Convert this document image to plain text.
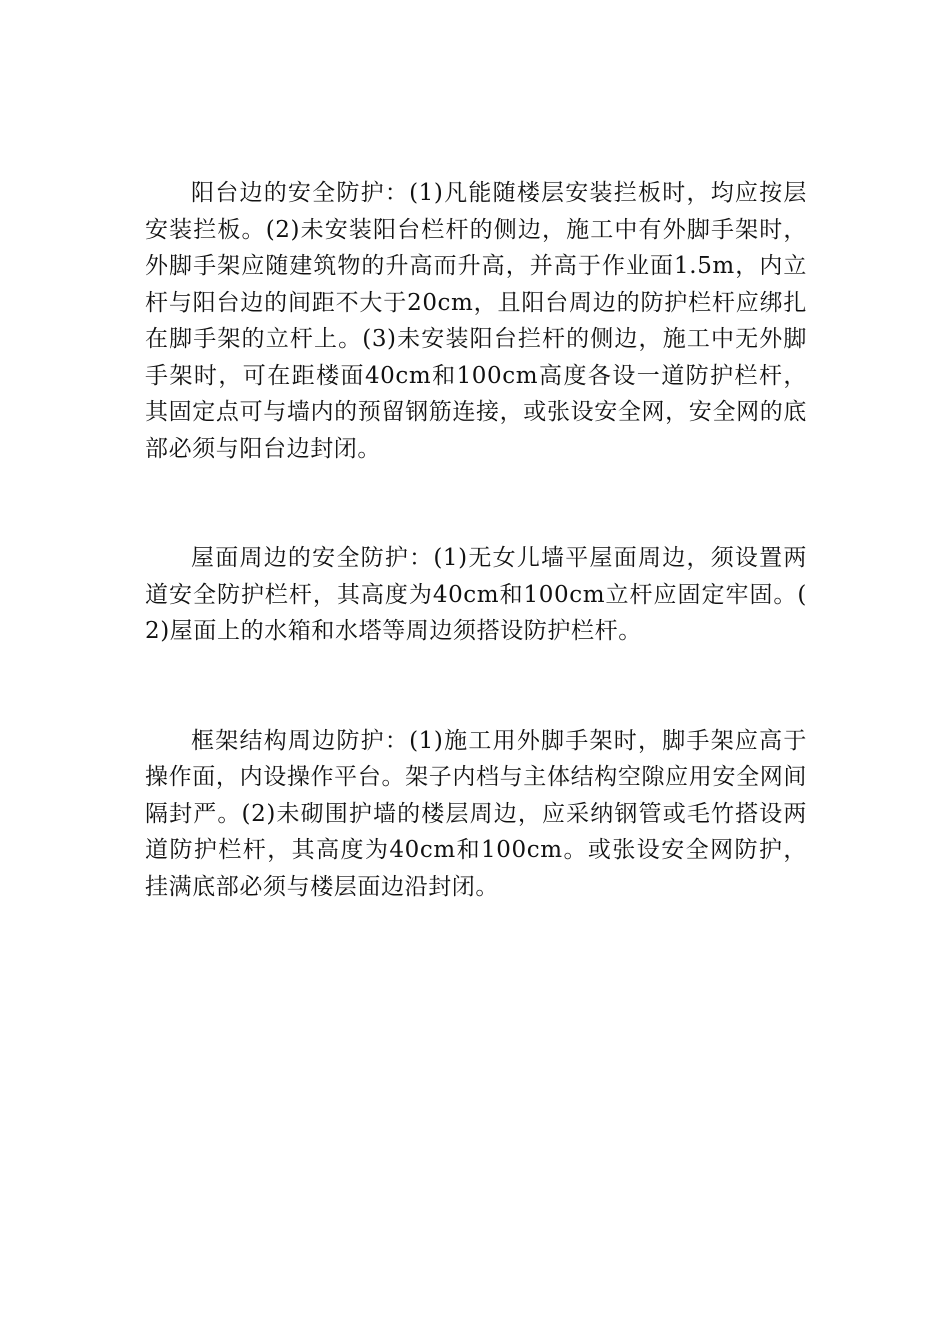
阳台边的安全防护：(1)凡能随楼层安装拦板时，均应按层安装拦板。(2)未安装阳台栏杆的侧边，施工中有外脚手架时，外脚手架应随建筑物的升高而升高，并高于作业面1.5m，内立杆与阳台边的间距不大于20cm，且阳台周边的防护栏杆应绑扎在脚手架的立杆上。(3)未安装阳台拦杆的侧边，施工中无外脚手架时，可在距楼面40cm和100cm高度各设一道防护栏杆，其固定点可与墙内的预留钢筋连接，或张设安全网，安全网的底部必须与阳台边封闭。

屋面周边的安全防护：(1)无女儿墙平屋面周边，须设置两道安全防护栏杆，其高度为40cm和100cm立杆应固定牢固。(2)屋面上的水箱和水塔等周边须搭设防护栏杆。

框架结构周边防护：(1)施工用外脚手架时，脚手架应高于操作面，内设操作平台。架子内档与主体结构空隙应用安全网间隔封严。(2)未砌围护墙的楼层周边，应采纳钢管或毛竹搭设两道防护栏杆，其高度为40cm和100cm。或张设安全网防护，挂满底部必须与楼层面边沿封闭。
